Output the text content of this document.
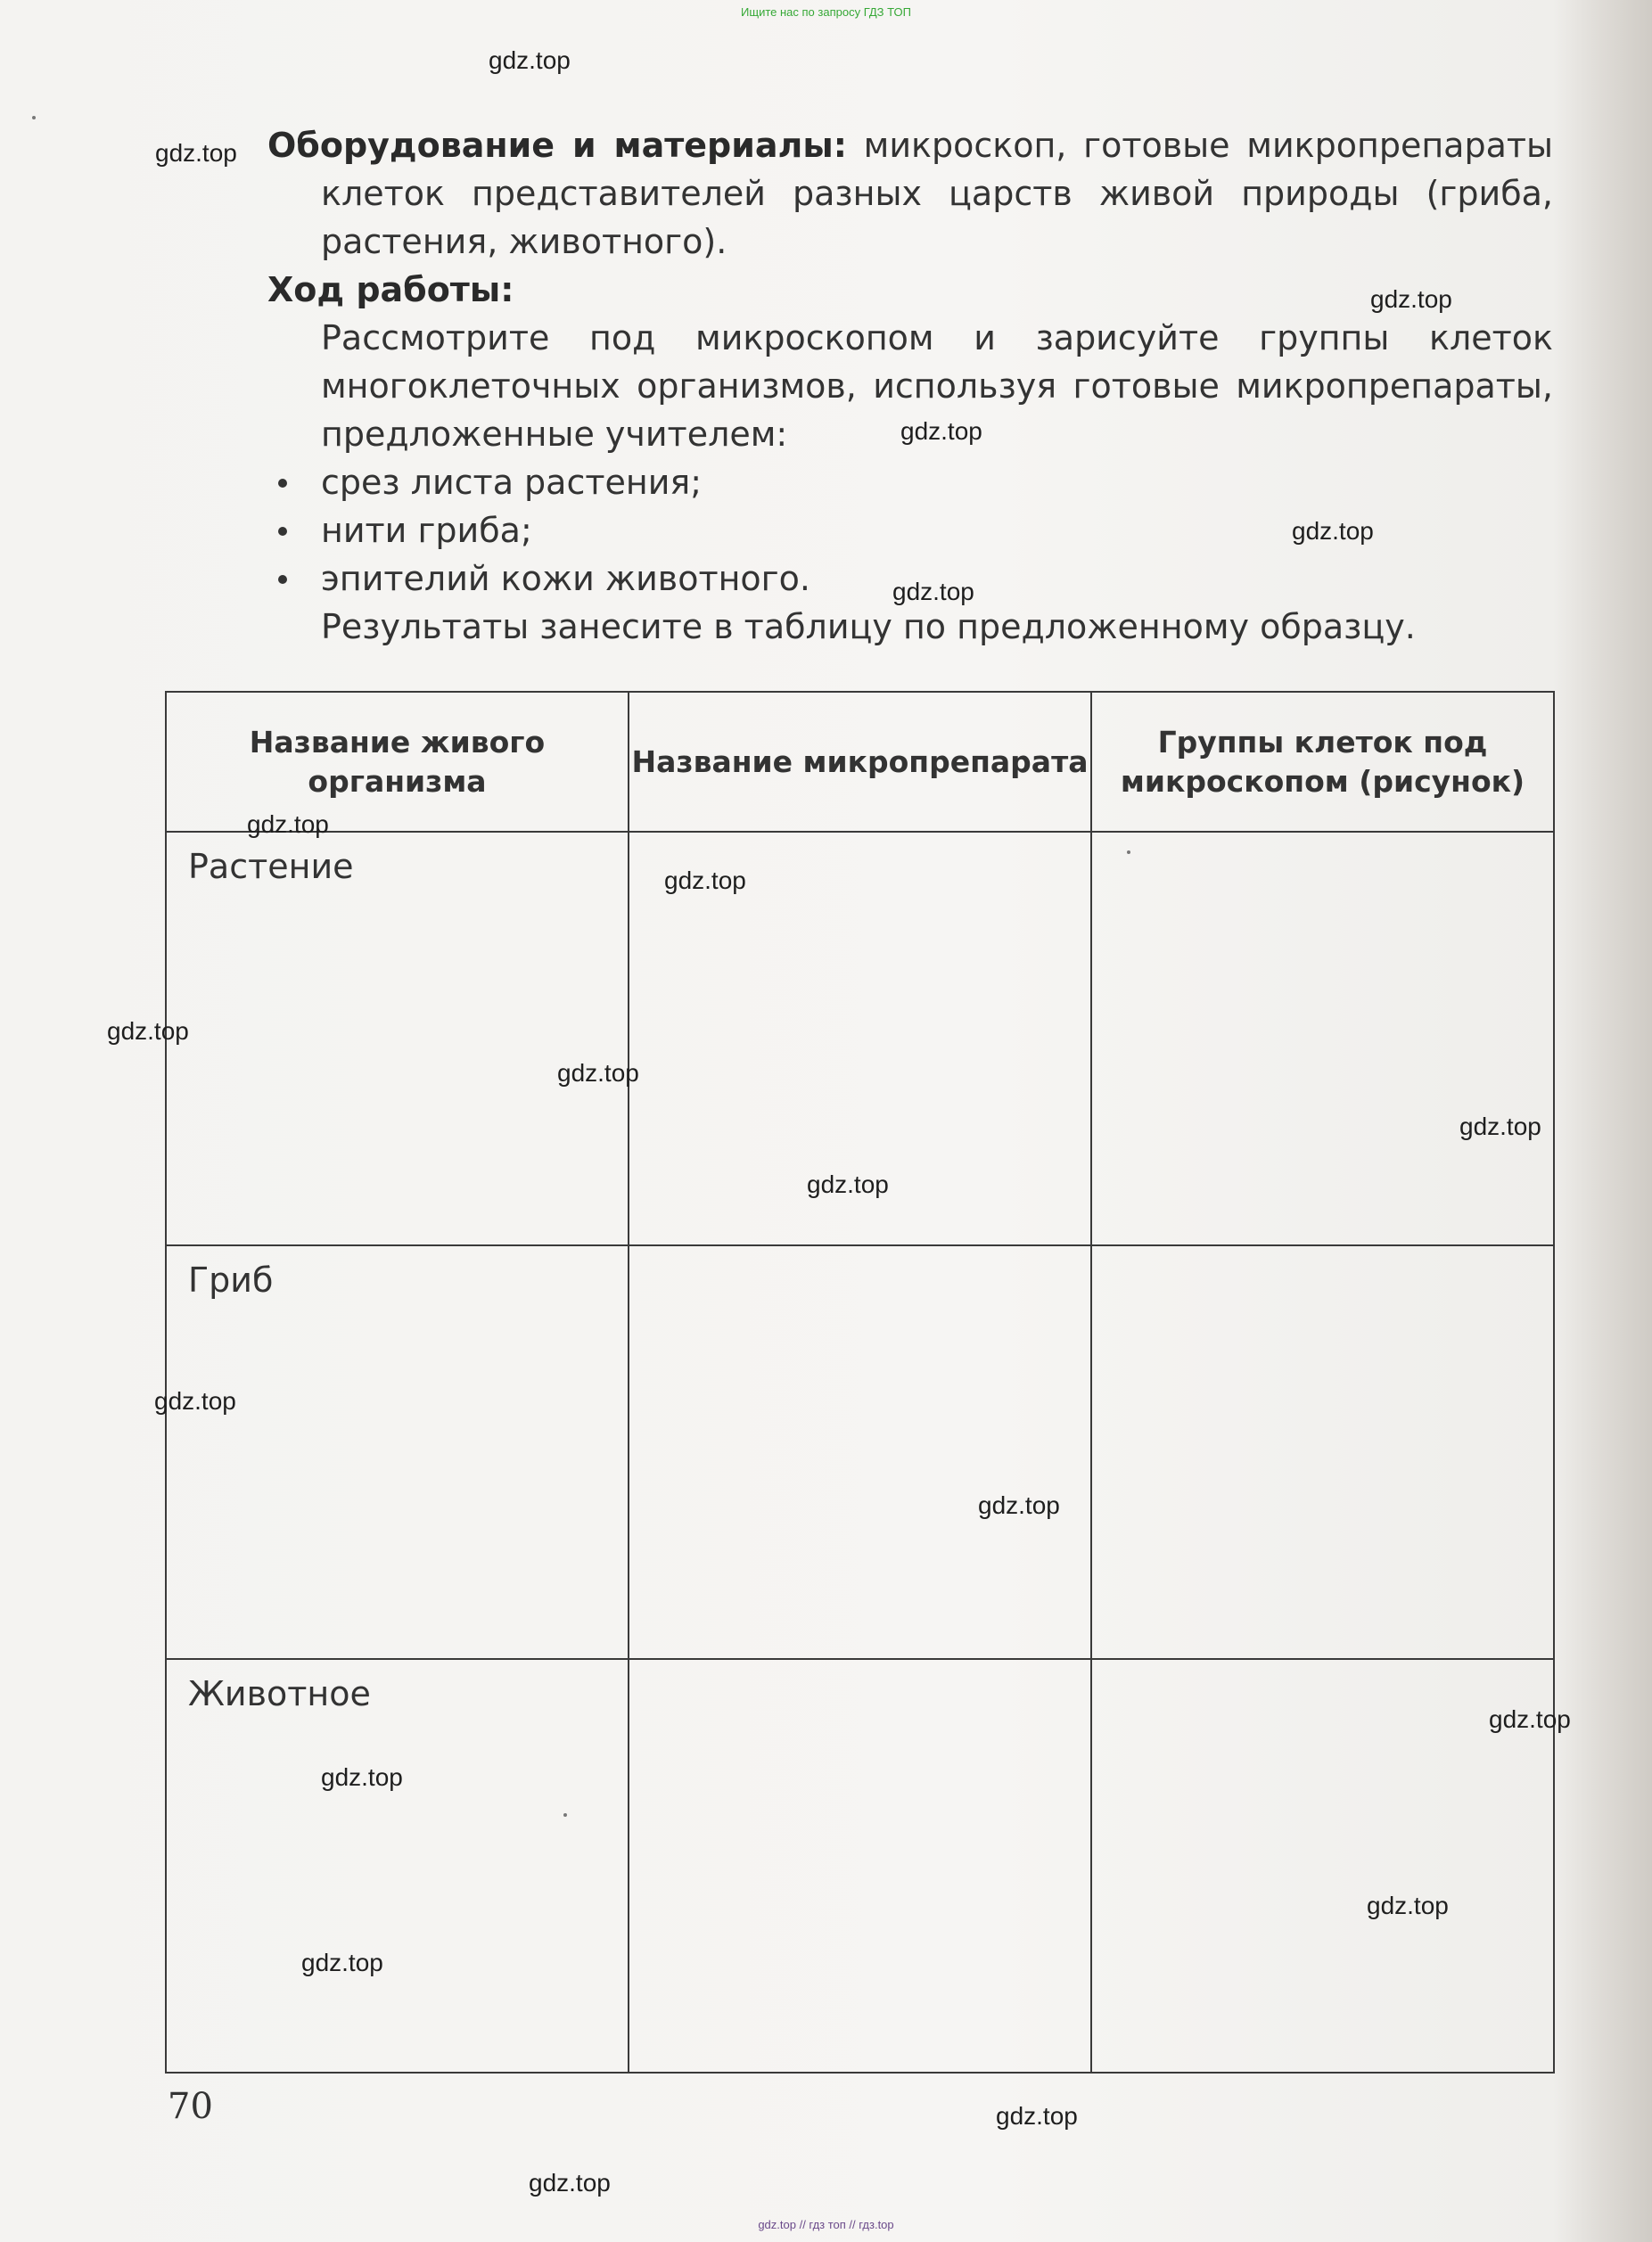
Ищите нас по запросу ГДЗ ТОП

Оборудование и материалы: микроскоп, готовые микропрепараты клеток представителей разных царств живой природы (гриба, растения, животного).

Ход работы:

Рассмотрите под микроскопом и зарисуйте группы клеток многоклеточных организмов, используя готовые микропрепараты, предложенные учителем:

срез листа растения;

нити гриба;

эпителий кожи животного.

Результаты занесите в таблицу по предложенному образцу.

Название живого организма	Название микропрепарата	Группы клеток под микроскопом (рисунок)

Растение		

Гриб		

Животное		

70
gdz.top
gdz.top
gdz.top
gdz.top
gdz.top
gdz.top
gdz.top
gdz.top
gdz.top
gdz.top
gdz.top
gdz.top
gdz.top
gdz.top
gdz.top
gdz.top
gdz.top
gdz.top
gdz.top
gdz.top
gdz.top // гдз топ // гдз.top
